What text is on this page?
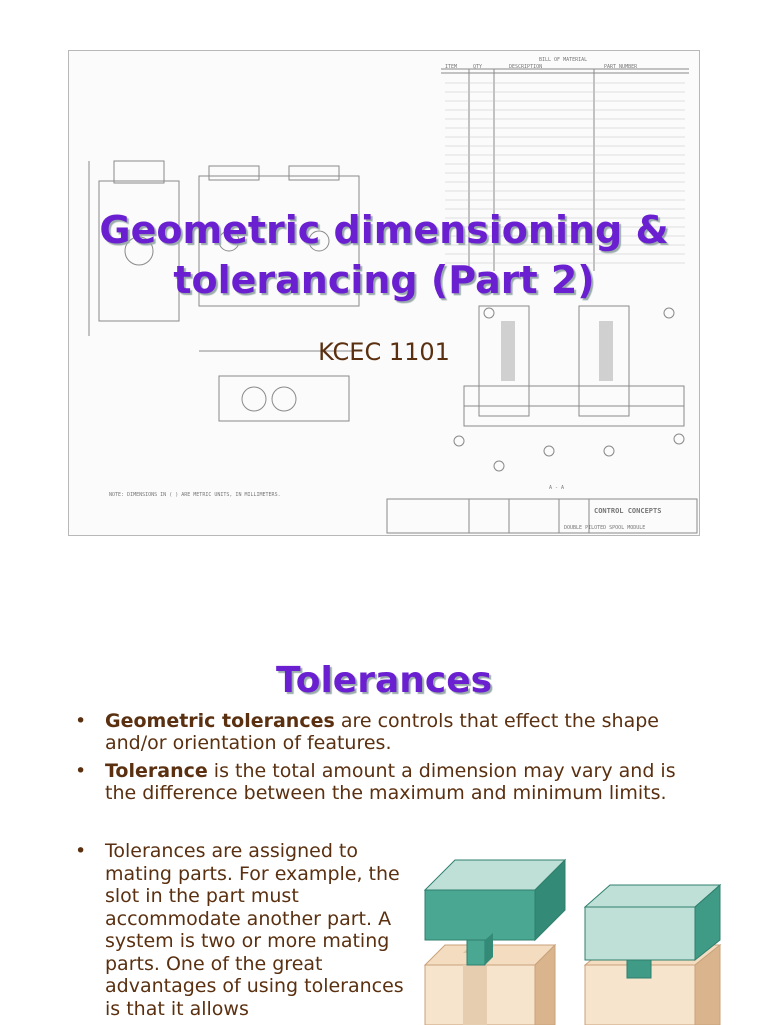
BILL OF MATERIAL
ITEM	QTY	DESCRIPTION	PART NUMBER
NOTE: DIMENSIONS IN ( ) ARE METRIC UNITS, IN MILLIMETERS.
A - A
CONTROL CONCEPTS
DOUBLE PILOTED SPOOL MODULE
Geometric dimensioning &
tolerancing (Part 2)

KCEC 1101

Tolerances
• Geometric tolerances are controls that effect the shape and/or orientation of features.
• Tolerance is the total amount a dimension may vary and is the difference between the maximum and minimum limits.
• Tolerances are assigned to mating parts. For example, the slot in the part must accommodate another part. A system is two or more mating parts. One of the great advantages of using tolerances is that it allows
